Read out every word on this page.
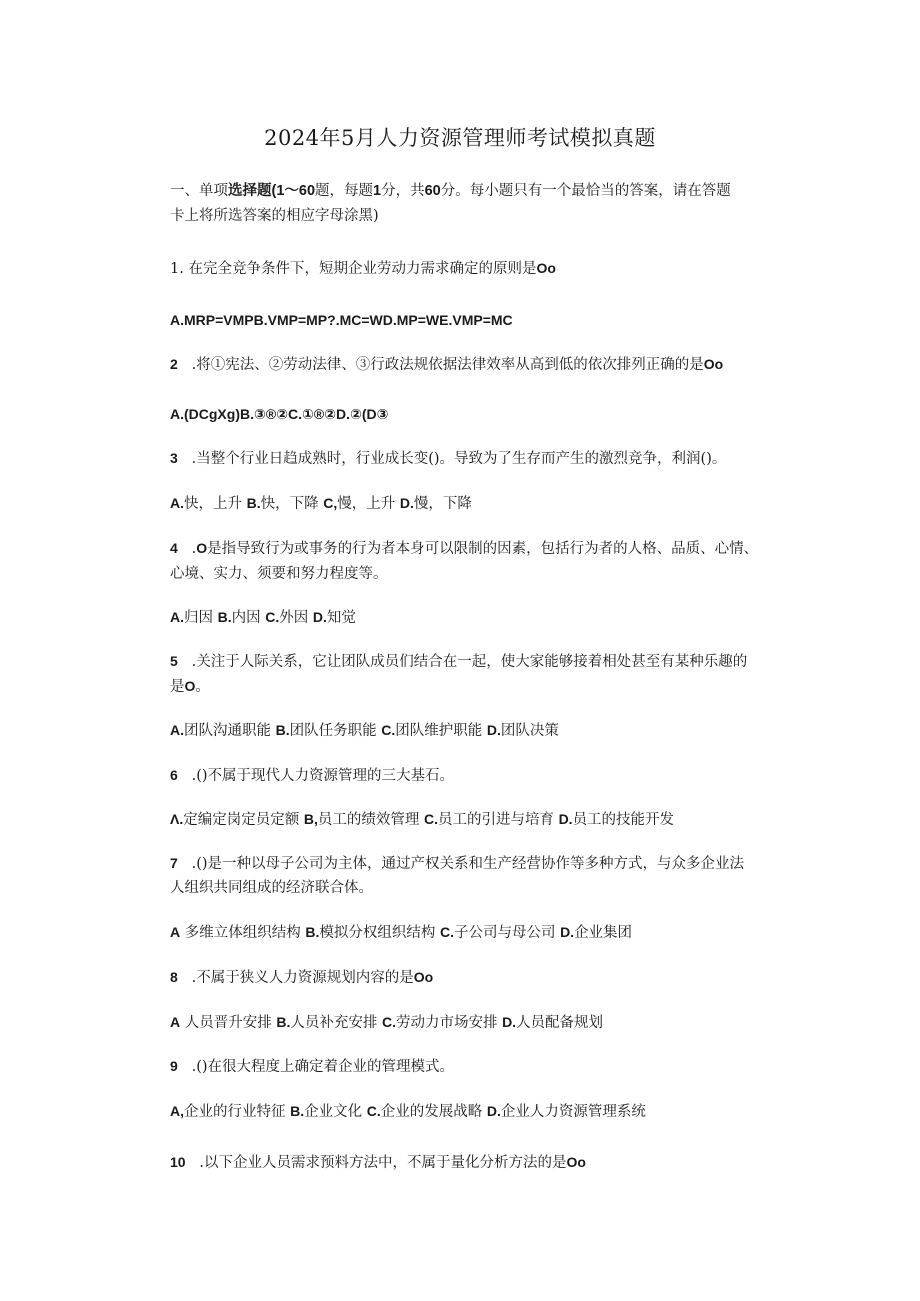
2024年5月人力资源管理师考试模拟真题
一、单项选择题(1〜60题，每题1分，共60分。每小题只有一个最恰当的答案，请在答题
卡上将所选答案的相应字母涂黑)
1. 在完全竞争条件下，短期企业劳动力需求确定的原则是Oo
A.MRP=VMPB.VMP=MP?.MC=WD.MP=WE.VMP=MC
2 .将①宪法、②劳动法律、③行政法规依据法律效率从高到低的依次排列正确的是Oo
A.(DCgXg)B.③®②C.①®②D.②(D③
3 .当整个行业日趋成熟时，行业成长变()。导致为了生存而产生的激烈竞争，利润()。
A.快，上升 B.快，下降 C,慢，上升 D.慢，下降
4 .O是指导致行为或事务的行为者本身可以限制的因素，包括行为者的人格、品质、心情、
心境、实力、须要和努力程度等。
A.归因 B.内因 C.外因 D.知觉
5 .关注于人际关系，它让团队成员们结合在一起，使大家能够接着相处甚至有某种乐趣的
是O。
A.团队沟通职能 B.团队任务职能 C.团队维护职能 D.团队决策
6 .()不属于现代人力资源管理的三大基石。
Λ.定编定岗定员定额 B,员工的绩效管理 C.员工的引进与培育 D.员工的技能开发
7 .()是一种以母子公司为主体，通过产权关系和生产经营协作等多种方式，与众多企业法
人组织共同组成的经济联合体。
A 多维立体组织结构 B.模拟分权组织结构 C.子公司与母公司 D.企业集团
8 .不属于狭义人力资源规划内容的是Oo
A 人员晋升安排 B.人员补充安排 C.劳动力市场安排 D.人员配备规划
9 .()在很大程度上确定着企业的管理模式。
A,企业的行业特征 B.企业文化 C.企业的发展战略 D.企业人力资源管理系统
10 .以下企业人员需求预料方法中，不属于量化分析方法的是Oo
